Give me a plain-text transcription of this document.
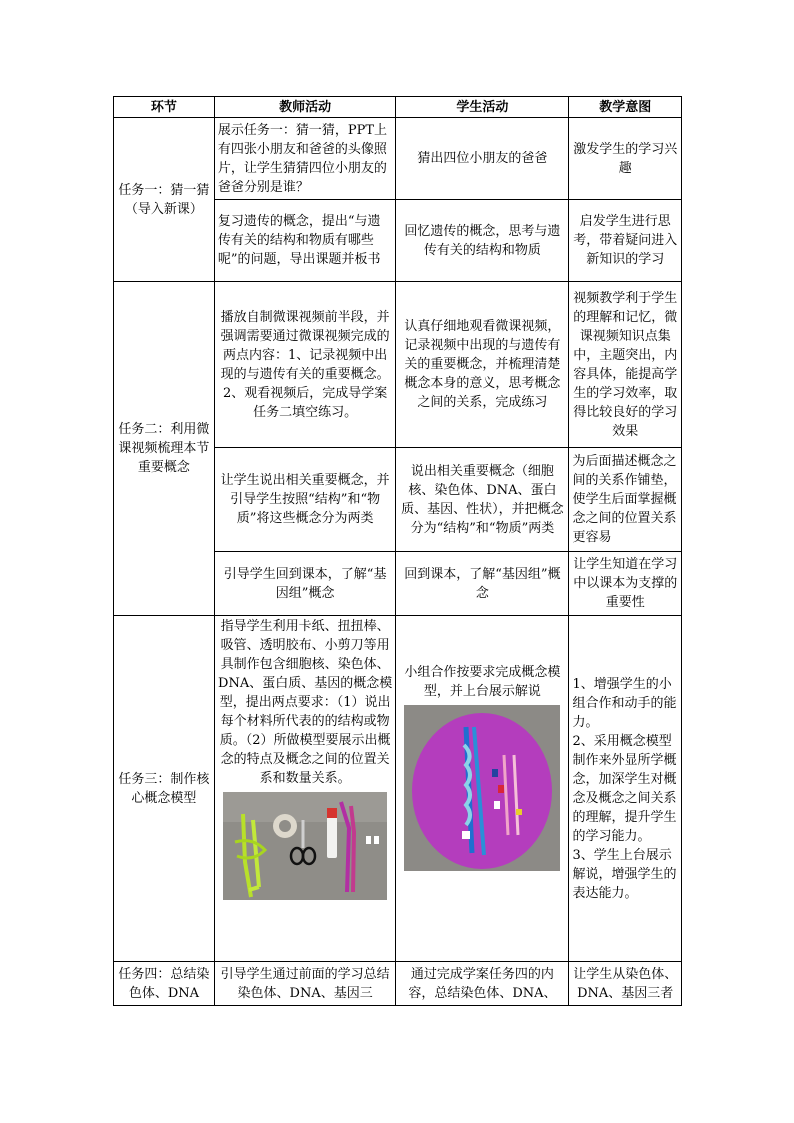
环节	教师活动	学生活动	教学意图
任务一：猜一猜
（导入新课）	展示任务一：猜一猜，PPT上有四张小朋友和爸爸的头像照片，让学生猜猜四位小朋友的爸爸分别是谁？	猜出四位小朋友的爸爸	激发学生的学习兴趣
	复习遗传的概念，提出“与遗传有关的结构和物质有哪些呢”的问题，导出课题并板书	回忆遗传的概念，思考与遗传有关的结构和物质	启发学生进行思考，带着疑问进入新知识的学习
任务二：利用微课视频梳理本节重要概念	播放自制微课视频前半段，并强调需要通过微课视频完成的两点内容：1、记录视频中出现的与遗传有关的重要概念。2、观看视频后，完成导学案任务二填空练习。	认真仔细地观看微课视频，记录视频中出现的与遗传有关的重要概念，并梳理清楚概念本身的意义，思考概念之间的关系，完成练习	视频教学利于学生的理解和记忆，微课视频知识点集中，主题突出，内容具体，能提高学生的学习效率，取得比较良好的学习效果
	让学生说出相关重要概念，并引导学生按照“结构”和“物质”将这些概念分为两类	说出相关重要概念（细胞核、染色体、DNA、蛋白质、基因、性状），并把概念分为“结构”和“物质”两类	为后面描述概念之间的关系作铺垫，使学生后面掌握概念之间的位置关系更容易
	引导学生回到课本，了解“基因组”概念	回到课本，了解“基因组”概念	让学生知道在学习中以课本为支撑的重要性
任务三：制作核心概念模型	指导学生利用卡纸、扭扭棒、吸管、透明胶布、小剪刀等用具制作包含细胞核、染色体、DNA、蛋白质、基因的概念模型，提出两点要求：（1）说出每个材料所代表的的结构或物质。（2）所做模型要展示出概念的特点及概念之间的位置关系和数量关系。	小组合作按要求完成概念模型，并上台展示解说	1、增强学生的小组合作和动手的能力。
2、采用概念模型制作来外显所学概念，加深学生对概念及概念之间关系的理解，提升学生的学习能力。
3、学生上台展示解说，增强学生的表达能力。
任务四：总结染色体、DNA	引导学生通过前面的学习总结染色体、DNA、基因三	通过完成学案任务四的内容，总结染色体、DNA、	让学生从染色体、DNA、基因三者
